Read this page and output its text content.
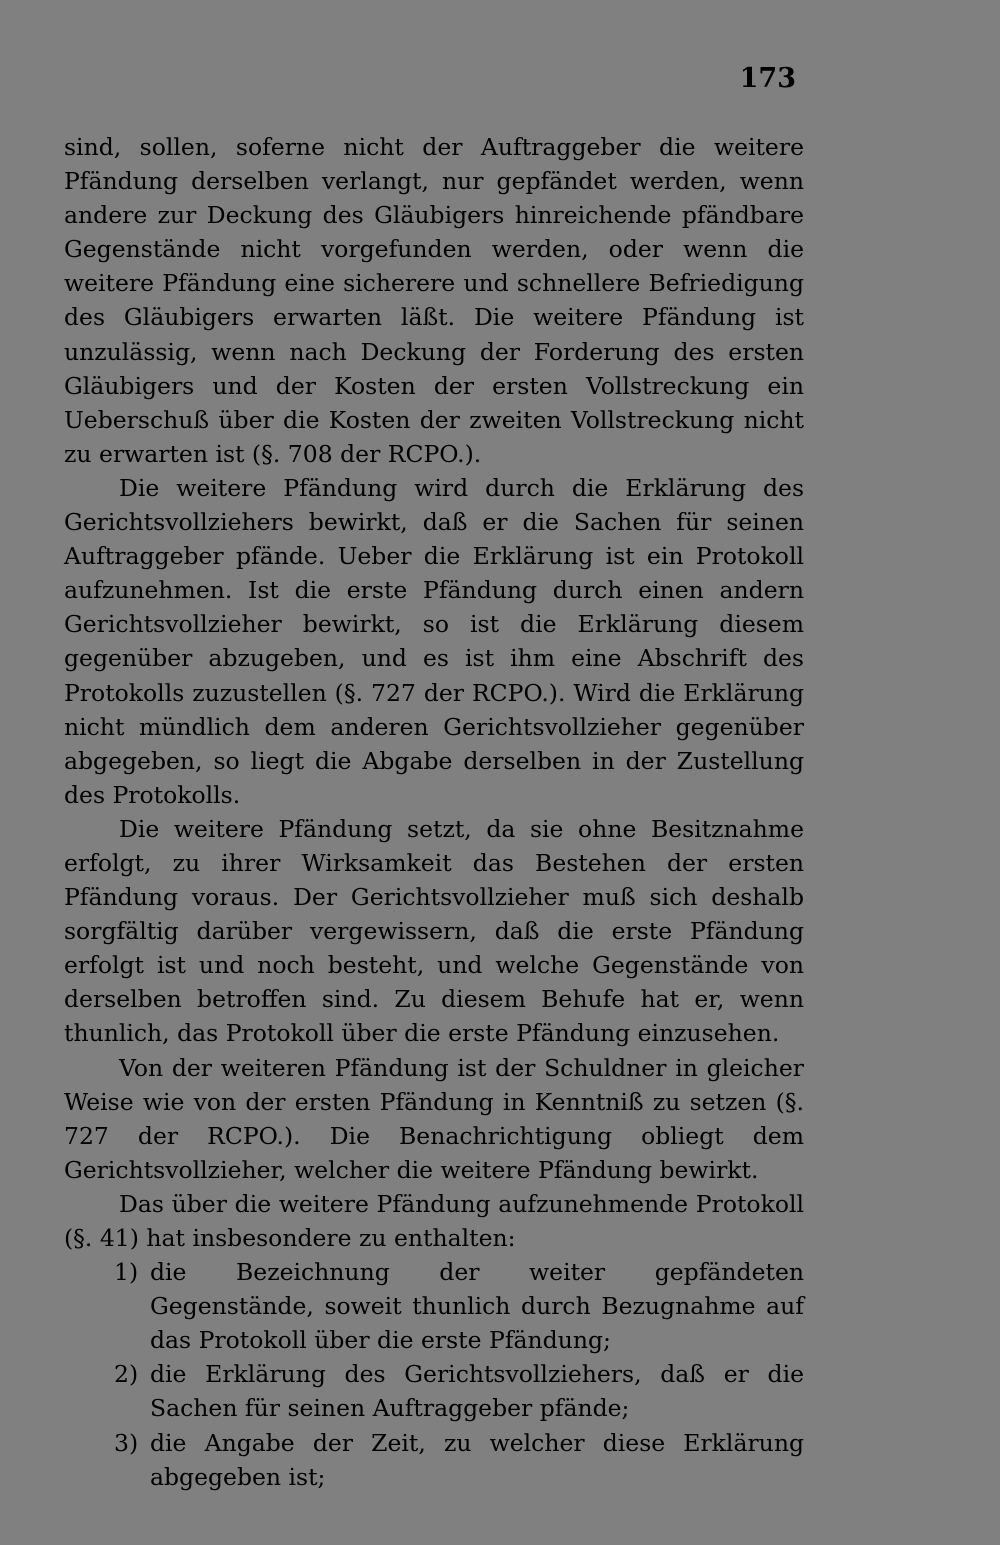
173

sind, sollen, soferne nicht der Auftraggeber die weitere Pfändung derselben verlangt, nur gepfändet werden, wenn andere zur Deckung des Gläubigers hinreichende pfändbare Gegenstände nicht vorgefunden werden, oder wenn die weitere Pfändung eine sicherere und schnellere Befriedigung des Gläubigers erwarten läßt. Die weitere Pfändung ist unzulässig, wenn nach Deckung der Forderung des ersten Gläubigers und der Kosten der ersten Vollstreckung ein Ueberschuß über die Kosten der zweiten Vollstreckung nicht zu erwarten ist (§. 708 der RCPO.).

Die weitere Pfändung wird durch die Erklärung des Gerichtsvollziehers bewirkt, daß er die Sachen für seinen Auftraggeber pfände. Ueber die Erklärung ist ein Protokoll aufzunehmen. Ist die erste Pfändung durch einen andern Gerichtsvollzieher bewirkt, so ist die Erklärung diesem gegenüber abzugeben, und es ist ihm eine Abschrift des Protokolls zuzustellen (§. 727 der RCPO.). Wird die Erklärung nicht mündlich dem anderen Gerichtsvollzieher gegenüber abgegeben, so liegt die Abgabe derselben in der Zustellung des Protokolls.

Die weitere Pfändung setzt, da sie ohne Besitznahme erfolgt, zu ihrer Wirksamkeit das Bestehen der ersten Pfändung voraus. Der Gerichtsvollzieher muß sich deshalb sorgfältig darüber vergewissern, daß die erste Pfändung erfolgt ist und noch besteht, und welche Gegenstände von derselben betroffen sind. Zu diesem Behufe hat er, wenn thunlich, das Protokoll über die erste Pfändung einzusehen.

Von der weiteren Pfändung ist der Schuldner in gleicher Weise wie von der ersten Pfändung in Kenntniß zu setzen (§. 727 der RCPO.). Die Benachrichtigung obliegt dem Gerichtsvollzieher, welcher die weitere Pfändung bewirkt.

Das über die weitere Pfändung aufzunehmende Protokoll (§. 41) hat insbesondere zu enthalten:

1) die Bezeichnung der weiter gepfändeten Gegenstände, soweit thunlich durch Bezugnahme auf das Protokoll über die erste Pfändung;
2) die Erklärung des Gerichtsvollziehers, daß er die Sachen für seinen Auftraggeber pfände;
3) die Angabe der Zeit, zu welcher diese Erklärung abgegeben ist;
